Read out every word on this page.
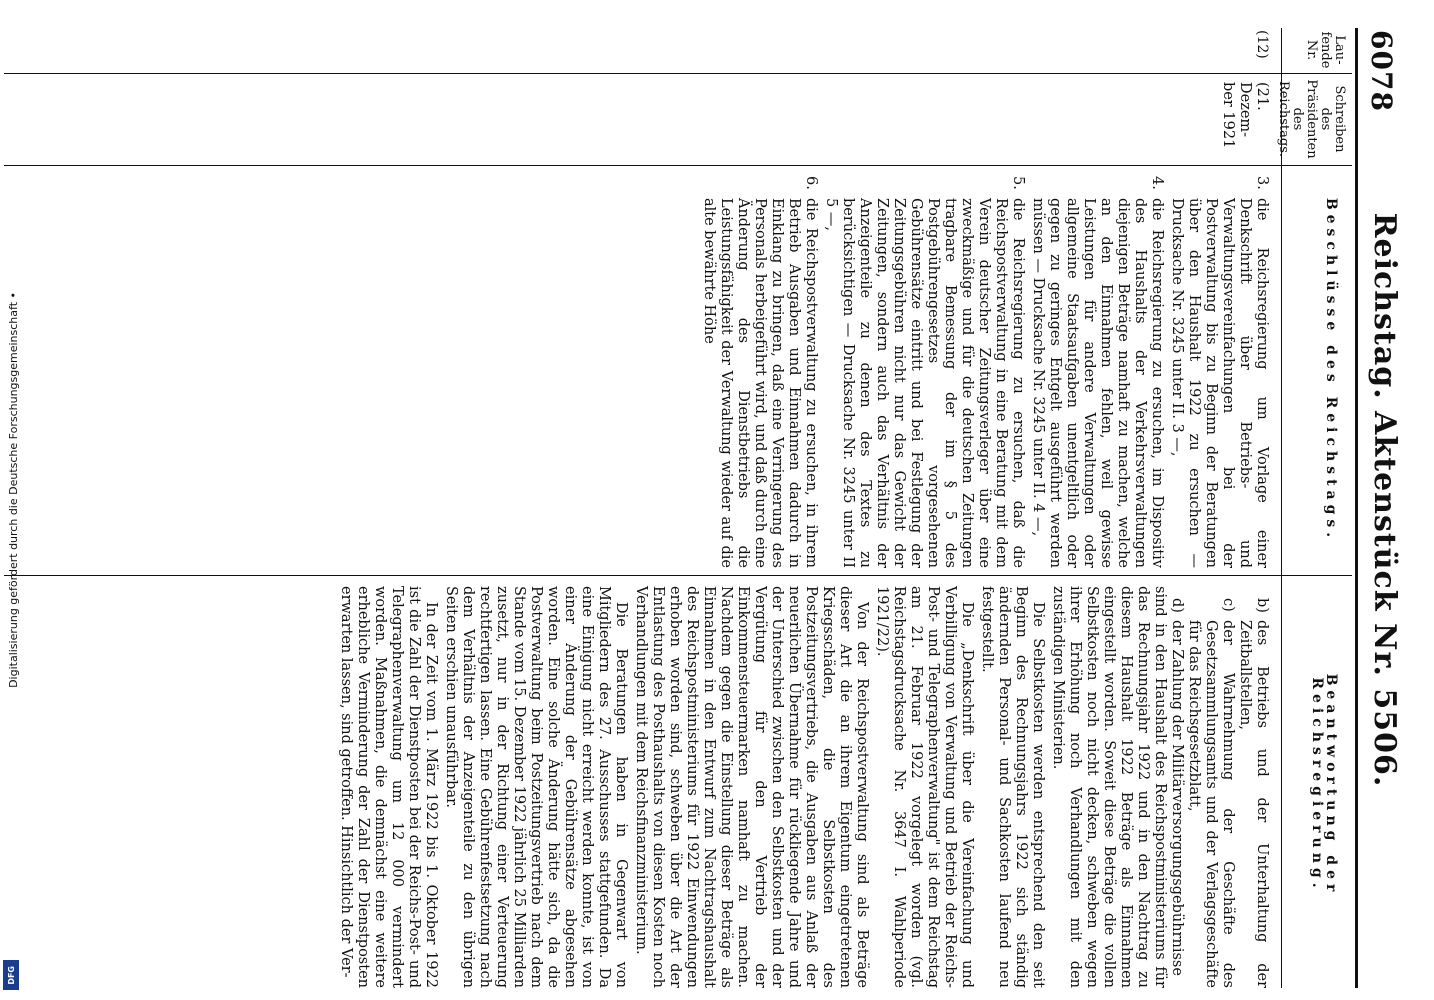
Digitalisierung gefördert durch die Deutsche Forschungsgemeinschaft •
DFG
6078
Reichstag. Aktenstück Nr. 5506.
Lau-
fende
Nr.
Schreiben
des
Präsidenten
des
Reichstags.
Beschlüsse des Reichstags.
Beantwortung der Reichsregierung.
(12)
(21. Dezem-
ber 1921
3.
die Reichsregierung um Vorlage einer Denkschrift über Betriebs- und Verwaltungsvereinfachungen bei der Postverwaltung bis zu Beginn der Beratungen über den Haushalt 1922 zu ersuchen — Drucksache Nr. 3245 unter II. 3 —,
4.
die Reichsregierung zu ersuchen, im Dispositiv des Haushalts der Verkehrsverwaltungen diejenigen Beträge namhaft zu machen, welche an den Einnahmen fehlen, weil gewisse Leistungen für andere Verwaltungen oder allgemeine Staatsaufgaben unentgeltlich oder gegen zu geringes Entgelt ausgeführt werden müssen — Drucksache Nr. 3245 unter II. 4 —,
5.
die Reichsregierung zu ersuchen, daß die Reichspostverwaltung in eine Beratung mit dem Verein deutscher Zeitungsverleger über eine zweckmäßige und für die deutschen Zeitungen tragbare Bemessung der im § 5 des Postgebührengesetzes vorgesehenen Gebührensätze eintritt und bei Festlegung der Zeitungsgebühren nicht nur das Gewicht der Zeitungen, sondern auch das Verhältnis der Anzeigenteile zu denen des Textes zu berücksichtigen — Drucksache Nr. 3245 unter II 5 —,
6.
die Reichspostverwaltung zu ersuchen, in ihrem Betrieb Ausgaben und Einnahmen dadurch in Einklang zu bringen, daß eine Verringerung des Personals herbeigeführt wird, und daß durch eine Änderung des Dienstbetriebs die Leistungsfähigkeit der Verwaltung wieder auf die alte bewährte Höhe
b)
des Betriebs und der Unterhaltung der Zeitballstellen,
c)
der Wahrnehmung der Geschäfte des Gesetzsammlungsamts und der Verlagsgeschäfte für das Reichsgesetzblatt,
d)
der Zahlung der Militärversorgungsgebührnisse

sind in den Haushalt des Reichspostministeriums für das Rechnungsjahr 1922 und in den Nachtrag zu diesem Haushalt 1922 Beträge als Einnahmen eingestellt worden. Soweit diese Beträge die vollen Selbstkosten noch nicht decken, schweben wegen ihrer Erhöhung noch Verhandlungen mit den zuständigen Ministerien.

Die Selbstkosten werden entsprechend den seit Beginn des Rechnungsjahrs 1922 sich ständig ändernden Personal- und Sachkosten laufend neu festgestellt.

Die „Denkschrift über die Vereinfachung und Verbilligung von Verwaltung und Betrieb der Reichs-Post- und Telegraphenverwaltung" ist dem Reichstag am 21. Februar 1922 vorgelegt worden (vgl. Reichstagsdrucksache Nr. 3647 I. Wahlperiode 1921/22).

Von der Reichspostverwaltung sind als Beträge dieser Art die an ihrem Eigentum eingetretenen Kriegsschäden, die Selbstkosten des Postzeitungsvertriebs, die Ausgaben aus Anlaß der neuerlichen Übernahme für rückliegende Jahre und der Unterschied zwischen den Selbstkosten und der Vergütung für den Vertrieb der Einkommensteuermarken namhaft zu machen. Nachdem gegen die Einstellung dieser Beträge als Einnahmen in den Entwurf zum Nachtragshaushalt des Reichspostministeriums für 1922 Einwendungen erhoben worden sind, schweben über die Art der Entlastung des Posthaushalts von diesen Kosten noch Verhandlungen mit dem Reichsfinanzministerium.

Die Beratungen haben in Gegenwart von Mitgliedern des 27. Ausschusses stattgefunden. Da eine Einigung nicht erreicht werden konnte, ist von einer Änderung der Gebührensätze abgesehen worden. Eine solche Änderung hätte sich, da die Postverwaltung beim Postzeitungsvertrieb nach dem Stande vom 15. Dezember 1922 jährlich 25 Milliarden zusetzt, nur in der Richtung einer Verteuerung rechtfertigen lassen. Eine Gebührenfestsetzung nach dem Verhältnis der Anzeigenteile zu den übrigen Seiten erschien unausführbar.

In der Zeit vom 1. März 1922 bis 1. Oktober 1922 ist die Zahl der Dienstposten bei der Reichs-Post- und Telegraphenverwaltung um 12 000 vermindert worden. Maßnahmen, die demnächst eine weitere erhebliche Verminderung der Zahl der Dienstposten erwarten lassen, sind getroffen. Hinsichtlich der Ver-
